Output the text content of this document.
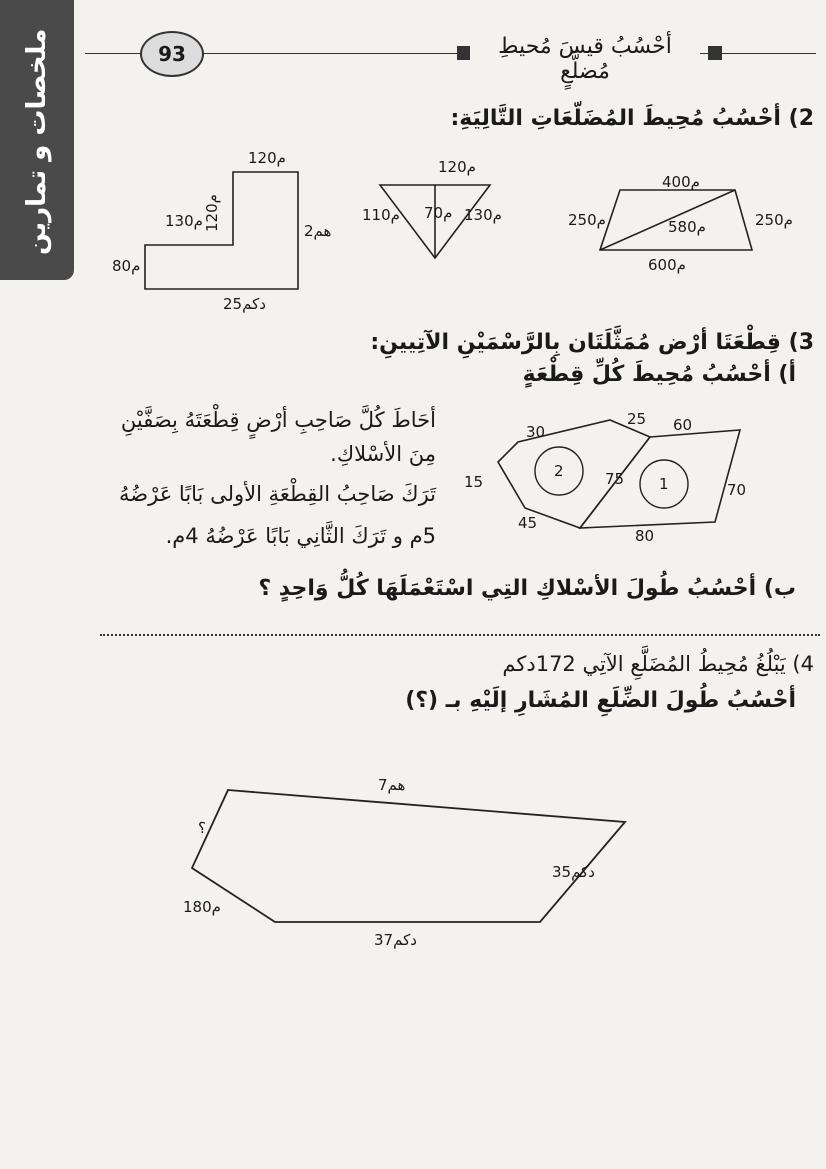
ملخصات و تمارين	93	أحْسُبُ قيسَ مُحيطِ مُضلَّعٍ
2) أحْسُبُ مُحِيطَ المُضَلّعَاتِ التَّالِيَةِ:
120م
120م
130م
2هم
80م
25دكم
120م
110م 70م 130م
400م
250م	580م	250م
600م
2
1
30
25 60
15	75
70
45
80
7هم
؟
35دكم
180م
37دكم
3) قِطْعَتَا أرْض مُمَثَّلَتَان بِالرَّسْمَيْنِ الآتِيينِ:
أ) أحْسُبُ مُحِيطَ كُلِّ قِطْعَةٍ
أحَاطَ كُلَّ صَاحِبِ أرْضٍ قِطْعَتَهُ بِصَفَّيْنِ
مِنَ الأسْلاكِ.
تَرَكَ صَاحِبُ القِطْعَةِ الأولى بَابًا عَرْضُهُ
5م و تَرَكَ الثَّانِي بَابًا عَرْضُهُ 4م.
ب) أحْسُبُ طُولَ الأسْلاكِ التِي اسْتَعْمَلَهَا كُلُّ وَاحِدٍ ؟
4) يَبْلُغُ مُحِيطُ المُضَلَّعِ الآتِي 172دكم
أحْسُبُ طُولَ الضِّلَعِ المُشَارِ إلَيْهِ بـ (؟)
